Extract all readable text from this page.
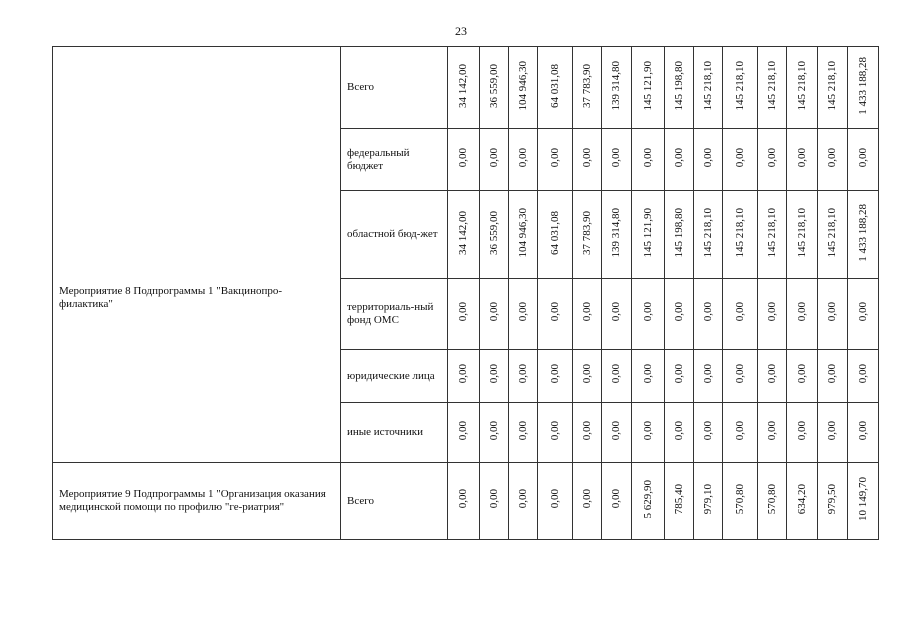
23
Мероприятие 8 Подпрограммы 1 "Вакцинопро-филактика"	Всего	34 142,00	36 559,00	104 946,30	64 031,08	37 783,90	139 314,80	145 121,90	145 198,80	145 218,10	145 218,10	145 218,10	145 218,10	145 218,10	1 433 188,28
	федеральный бюджет	0,00	0,00	0,00	0,00	0,00	0,00	0,00	0,00	0,00	0,00	0,00	0,00	0,00	0,00
	областной бюд-жет	34 142,00	36 559,00	104 946,30	64 031,08	37 783,90	139 314,80	145 121,90	145 198,80	145 218,10	145 218,10	145 218,10	145 218,10	145 218,10	1 433 188,28
	территориаль-ный фонд ОМС	0,00	0,00	0,00	0,00	0,00	0,00	0,00	0,00	0,00	0,00	0,00	0,00	0,00	0,00
	юридические лица	0,00	0,00	0,00	0,00	0,00	0,00	0,00	0,00	0,00	0,00	0,00	0,00	0,00	0,00
	иные источники	0,00	0,00	0,00	0,00	0,00	0,00	0,00	0,00	0,00	0,00	0,00	0,00	0,00	0,00
Мероприятие 9 Подпрограммы 1 "Организация оказания медицинской помощи по профилю "ге-риатрия"	Всего	0,00	0,00	0,00	0,00	0,00	0,00	5 629,90	785,40	979,10	570,80	570,80	634,20	979,50	10 149,70
